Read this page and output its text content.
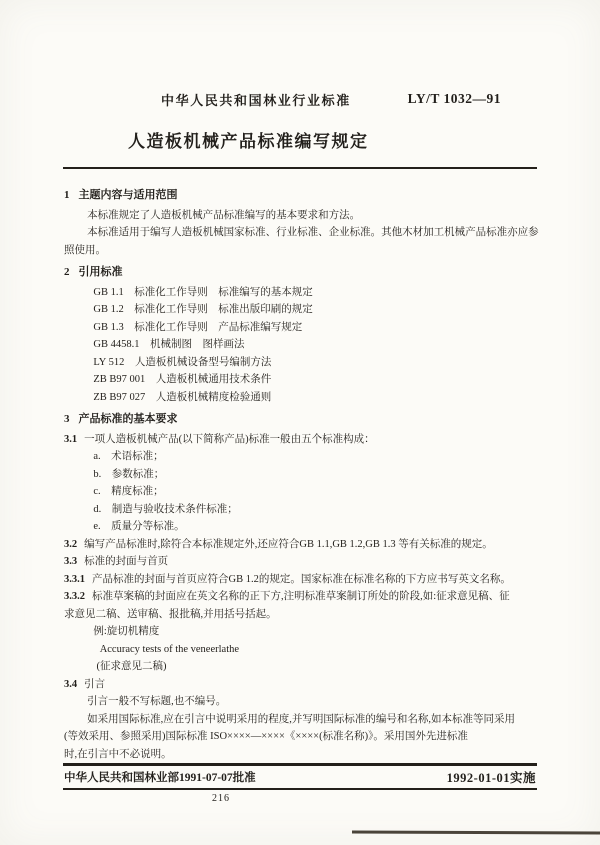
中华人民共和国林业行业标准	LY/T 1032—91
人造板机械产品标准编写规定
1 主题内容与适用范围
本标准规定了人造板机械产品标准编写的基本要求和方法。
本标准适用于编写人造板机械国家标准、行业标准、企业标准。其他木材加工机械产品标准亦应参
照使用。
2 引用标准
GB 1.1　标准化工作导则　标准编写的基本规定
GB 1.2　标准化工作导则　标准出版印刷的规定
GB 1.3　标准化工作导则　产品标准编写规定
GB 4458.1　机械制图　图样画法
LY 512　人造板机械设备型号编制方法
ZB B97 001　人造板机械通用技术条件
ZB B97 027　人造板机械精度检验通则
3 产品标准的基本要求
3.1 一项人造板机械产品(以下简称产品)标准一般由五个标准构成：
a.　术语标准；
b.　参数标准；
c.　精度标准；
d.　制造与验收技术条件标准；
e.　质量分等标准。
3.2 编写产品标准时,除符合本标准规定外,还应符合GB 1.1,GB 1.2,GB 1.3 等有关标准的规定。
3.3 标准的封面与首页
3.3.1 产品标准的封面与首页应符合GB 1.2的规定。国家标准在标准名称的下方应书写英文名称。
3.3.2 标准草案稿的封面应在英文名称的正下方,注明标准草案制订所处的阶段,如:征求意见稿、征
求意见二稿、送审稿、报批稿,并用括号括起。
例:旋切机精度
Accuracy tests of the veneerlathe
(征求意见二稿)
3.4 引言
引言一般不写标题,也不编号。
如采用国际标准,应在引言中说明采用的程度,并写明国际标准的编号和名称,如本标准等同采用
(等效采用、参照采用)国际标准 ISO××××—××××《××××(标准名称)》。采用国外先进标准
时,在引言中不必说明。
中华人民共和国林业部1991-07-07批准	1992-01-01实施
216
